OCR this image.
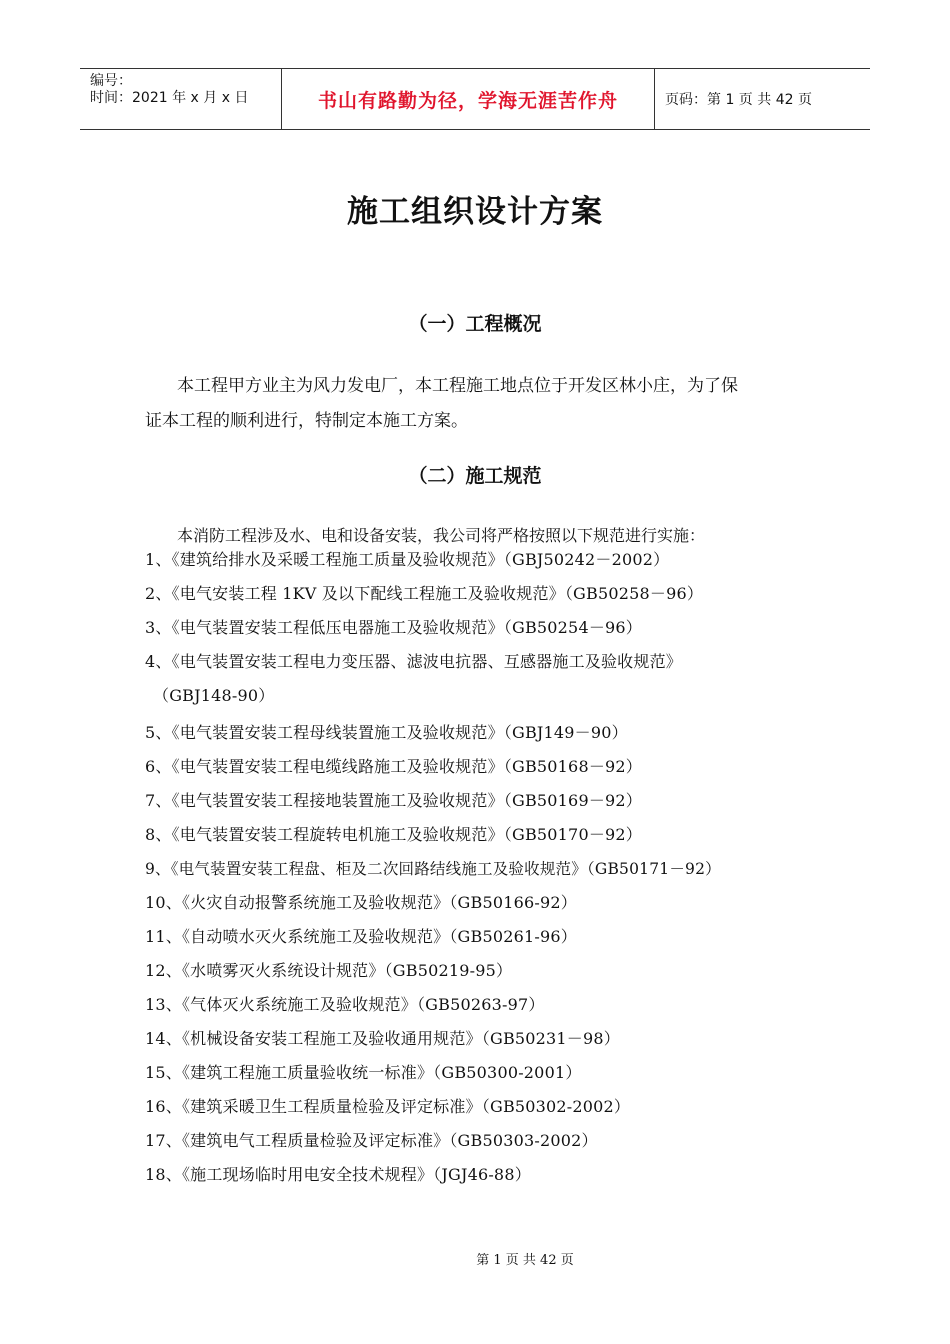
编号：
时间：2021 年 x 月 x 日	书山有路勤为径，学海无涯苦作舟	页码：第 1 页 共 42 页
施工组织设计方案
（一）工程概况
本工程甲方业主为风力发电厂，本工程施工地点位于开发区林小庄，为了保
证本工程的顺利进行，特制定本施工方案。
（二）施工规范
本消防工程涉及水、电和设备安装，我公司将严格按照以下规范进行实施：
1、《建筑给排水及采暖工程施工质量及验收规范》（GBJ50242－2002）
2、《电气安装工程 1KV 及以下配线工程施工及验收规范》（GB50258－96）
3、《电气装置安装工程低压电器施工及验收规范》（GB50254－96）
4、《电气装置安装工程电力变压器、滤波电抗器、互感器施工及验收规范》
（GBJ148-90）
5、《电气装置安装工程母线装置施工及验收规范》（GBJ149－90）
6、《电气装置安装工程电缆线路施工及验收规范》（GB50168－92）
7、《电气装置安装工程接地装置施工及验收规范》（GB50169－92）
8、《电气装置安装工程旋转电机施工及验收规范》（GB50170－92）
9、《电气装置安装工程盘、柜及二次回路结线施工及验收规范》（GB50171－92）
10、《火灾自动报警系统施工及验收规范》（GB50166-92）
11、《自动喷水灭火系统施工及验收规范》（GB50261-96）
12、《水喷雾灭火系统设计规范》（GB50219-95）
13、《气体灭火系统施工及验收规范》（GB50263-97）
14、《机械设备安装工程施工及验收通用规范》（GB50231－98）
15、《建筑工程施工质量验收统一标准》（GB50300-2001）
16、《建筑采暖卫生工程质量检验及评定标准》（GB50302-2002）
17、《建筑电气工程质量检验及评定标准》（GB50303-2002）
18、《施工现场临时用电安全技术规程》（JGJ46-88）
第 1 页 共 42 页
